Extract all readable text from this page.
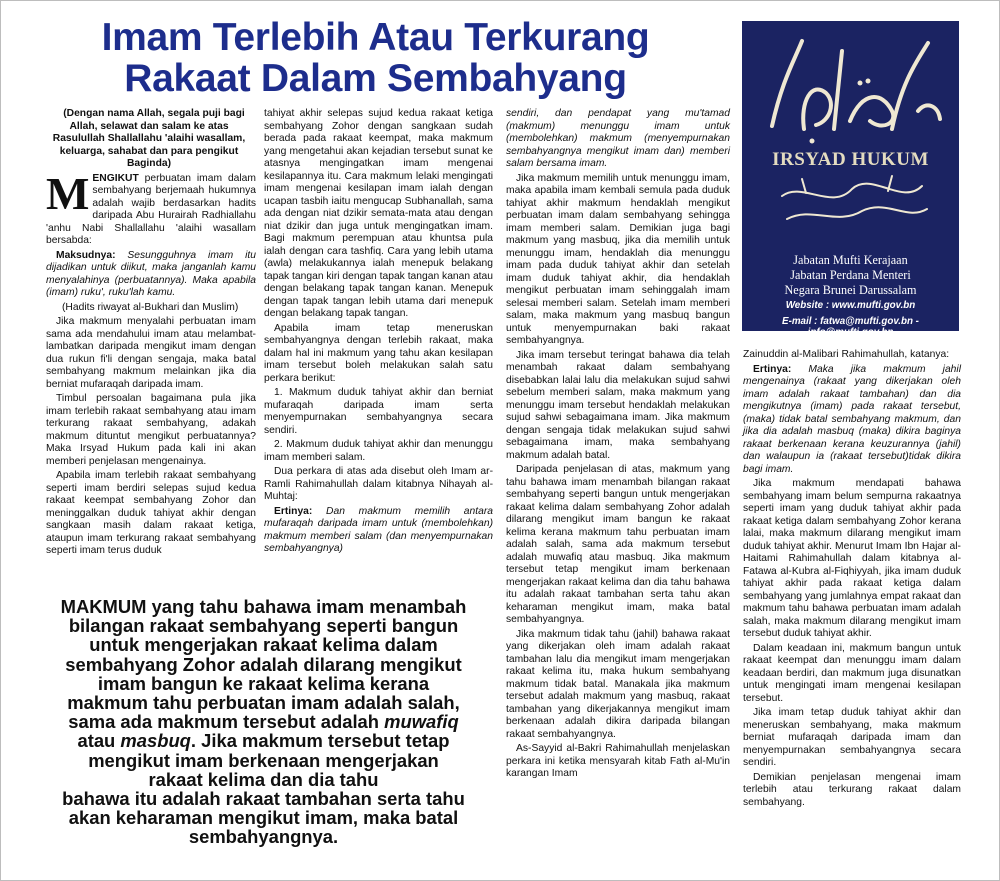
Imam Terlebih Atau Terkurang
Rakaat Dalam Sembahyang
IRSYAD HUKUM
Jabatan Mufti Kerajaan
Jabatan Perdana Menteri
Negara Brunei Darussalam
Website : www.mufti.gov.bn
E-mail : fatwa@mufti.gov.bn - info@mufti.gov.bn

(Dengan nama Allah, segala puji bagi Allah, selawat dan salam ke atas Rasulullah Shallallahu 'alaihi wasallam, keluarga, sahabat dan para pengikut Baginda)

MENGIKUT perbuatan imam dalam sembahyang berjemaah hukumnya adalah wajib berdasarkan hadits daripada Abu Hurairah Radhiallahu 'anhu Nabi Shallallahu 'alaihi wasallam bersabda:

Maksudnya: Sesungguhnya imam itu dijadikan untuk diikut, maka janganlah kamu menyalahinya (perbuatannya). Maka apabila (imam) ruku', ruku'lah kamu.

(Hadits riwayat al-Bukhari dan Muslim)

Jika makmum menyalahi perbuatan imam sama ada mendahului imam atau melambat-lambatkan daripada mengikut imam dengan dua rukun fi'li dengan sengaja, maka batal sembahyang makmum melainkan jika dia berniat mufaraqah daripada imam.

Timbul persoalan bagaimana pula jika imam terlebih rakaat sembahyang atau imam terkurang rakaat sembahyang, adakah makmum dituntut mengikut perbuatannya? Maka Irsyad Hukum pada kali ini akan memberi penjelasan mengenainya.

Apabila imam terlebih rakaat sembahyang seperti imam berdiri selepas sujud kedua rakaat keempat sembahyang Zohor dan meninggalkan duduk tahiyat akhir dengan sangkaan masih dalam rakaat ketiga, ataupun imam terkurang rakaat sembahyang seperti imam terus duduk

tahiyat akhir selepas sujud kedua rakaat ketiga sembahyang Zohor dengan sangkaan sudah berada pada rakaat keempat, maka makmum yang mengetahui akan kejadian tersebut sunat ke atasnya mengingatkan imam mengenai kesilapannya itu. Cara makmum lelaki mengingati imam mengenai kesilapan imam ialah dengan ucapan tasbih iaitu mengucap Subhanallah, sama ada dengan niat dzikir semata-mata atau dengan niat dzikir dan juga untuk mengingatkan imam. Bagi makmum perempuan atau khuntsa pula ialah dengan cara tashfiq. Cara yang lebih utama (awla) melakukannya ialah menepuk belakang tapak tangan kiri dengan tapak tangan kanan atau dengan belakang tapak tangan kanan. Menepuk dengan tapak tangan lebih utama dari menepuk dengan belakang tapak tangan.

Apabila imam tetap meneruskan sembahyangnya dengan terlebih rakaat, maka dalam hal ini makmum yang tahu akan kesilapan imam tersebut boleh melakukan salah satu perkara berikut:

1. Makmum duduk tahiyat akhir dan berniat mufaraqah daripada imam serta menyempurnakan sembahyangnya secara sendiri.

2. Makmum duduk tahiyat akhir dan menunggu imam memberi salam.

Dua perkara di atas ada disebut oleh Imam ar-Ramli Rahimahullah dalam kitabnya Nihayah al-Muhtaj:

Ertinya: Dan makmum memilih antara mufaraqah daripada imam untuk (membolehkan) makmum memberi salam (dan menyempurnakan sembahyangnya)

sendiri, dan pendapat yang mu'tamad (makmum) menunggu imam untuk (membolehkan) makmum (menyempurnakan sembahyangnya mengikut imam dan) memberi salam bersama imam.

Jika makmum memilih untuk menunggu imam, maka apabila imam kembali semula pada duduk tahiyat akhir makmum hendaklah mengikut perbuatan imam dalam sembahyang sehingga imam memberi salam. Demikian juga bagi makmum yang masbuq, jika dia memilih untuk menunggu imam, hendaklah dia menunggu imam pada duduk tahiyat akhir dan setelah imam duduk tahiyat akhir, dia hendaklah mengikut perbuatan imam sehinggalah imam selesai memberi salam. Setelah imam memberi salam, maka makmum yang masbuq bangun untuk menyempurnakan baki rakaat sembahyangnya.

Jika imam tersebut teringat bahawa dia telah menambah rakaat dalam sembahyang disebabkan lalai lalu dia melakukan sujud sahwi sebelum memberi salam, maka makmum yang menunggu imam tersebut hendaklah melakukan sujud sahwi sebagaimana imam. Jika makmum dengan sengaja tidak melakukan sujud sahwi sebagaimana imam, maka sembahyang makmum adalah batal.

Daripada penjelasan di atas, makmum yang tahu bahawa imam menambah bilangan rakaat sembahyang seperti bangun untuk mengerjakan rakaat kelima dalam sembahyang Zohor adalah dilarang mengikut imam bangun ke rakaat kelima kerana makmum tahu perbuatan imam adalah salah, sama ada makmum tersebut adalah muwafiq atau masbuq. Jika makmum tersebut tetap mengikut imam berkenaan mengerjakan rakaat kelima dan dia tahu bahawa itu adalah rakaat tambahan serta tahu akan keharaman mengikut imam, maka batal sembahyangnya.

Jika makmum tidak tahu (jahil) bahawa rakaat yang dikerjakan oleh imam adalah rakaat tambahan lalu dia mengikut imam mengerjakan rakaat kelima itu, maka hukum sembahyang makmum tidak batal. Manakala jika makmum tersebut adalah makmum yang masbuq, rakaat tambahan yang dikerjakannya mengikut imam berkenaan adalah dikira daripada bilangan rakaat sembahyangnya.

As-Sayyid al-Bakri Rahimahullah menjelaskan perkara ini ketika mensyarah kitab Fath al-Mu'in karangan Imam

Zainuddin al-Malibari Rahimahullah, katanya:

Ertinya: Maka jika makmum jahil mengenainya (rakaat yang dikerjakan oleh imam adalah rakaat tambahan) dan dia mengikutnya (imam) pada rakaat tersebut, (maka) tidak batal sembahyang makmum, dan jika dia adalah masbuq (maka) dikira baginya rakaat berkenaan kerana keuzurannya (jahil) dan walaupun ia (rakaat tersebut)tidak dikira bagi imam.

Jika makmum mendapati bahawa sembahyang imam belum sempurna rakaatnya seperti imam yang duduk tahiyat akhir pada rakaat ketiga dalam sembahyang Zohor kerana lalai, maka makmum dilarang mengikut imam duduk tahiyat akhir. Menurut Imam Ibn Hajar al-Haitami Rahimahullah dalam kitabnya al-Fatawa al-Kubra al-Fiqhiyyah, jika imam duduk tahiyat akhir pada rakaat ketiga dalam sembahyang yang jumlahnya empat rakaat dan makmum tahu bahawa perbuatan imam adalah salah, maka makmum dilarang mengikut imam tersebut duduk tahiyat akhir.

Dalam keadaan ini, makmum bangun untuk rakaat keempat dan menunggu imam dalam keadaan berdiri, dan makmum juga disunatkan untuk mengingati imam mengenai kesilapan tersebut.

Jika imam tetap duduk tahiyat akhir dan meneruskan sembahyang, maka makmum berniat mufaraqah daripada imam dan menyempurnakan sembahyangnya secara sendiri.

Demikian penjelasan mengenai imam terlebih atau terkurang rakaat dalam sembahyang.

MAKMUM yang tahu bahawa imam menambah
bilangan rakaat sembahyang seperti bangun
untuk mengerjakan rakaat kelima dalam
sembahyang Zohor adalah dilarang mengikut
imam bangun ke rakaat kelima kerana
makmum tahu perbuatan imam adalah salah,
sama ada makmum tersebut adalah muwafiq
atau masbuq. Jika makmum tersebut tetap
mengikut imam berkenaan mengerjakan
rakaat kelima dan dia tahu
bahawa itu adalah rakaat tambahan serta tahu
akan keharaman mengikut imam, maka batal
sembahyangnya.
